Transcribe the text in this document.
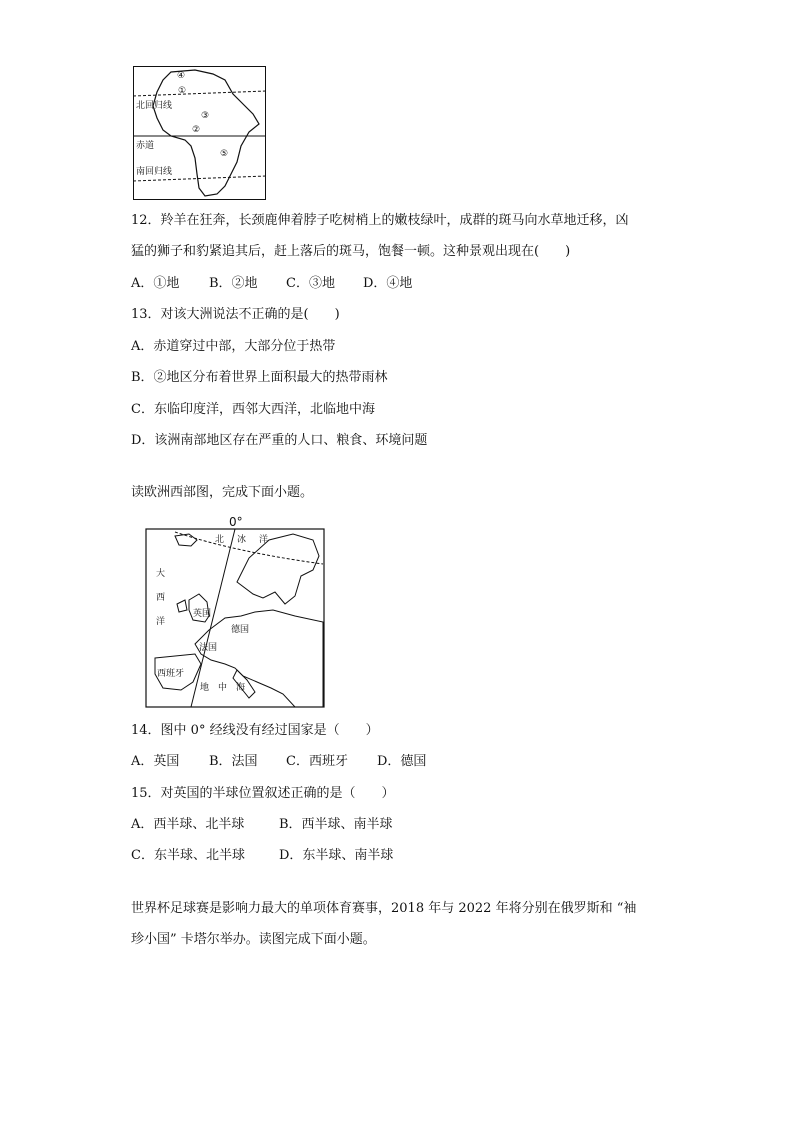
北回归线
赤道
南回归线
④
①
③
②
⑤
12．羚羊在狂奔，长颈鹿伸着脖子吃树梢上的嫩枝绿叶，成群的斑马向水草地迁移，凶
猛的狮子和豹紧追其后，赶上落后的斑马，饱餐一顿。这种景观出现在(　　)
A．①地 B．②地 C．③地 D．④地
13．对该大洲说法不正确的是(　　)
A．赤道穿过中部，大部分位于热带
B．②地区分布着世界上面积最大的热带雨林
C．东临印度洋，西邻大西洋，北临地中海
D．该洲南部地区存在严重的人口、粮食、环境问题
读欧洲西部图，完成下面小题。
0°
北 冰 洋
大
西
洋
英国
德国
法国
西班牙
地 中 海
14．图中 0° 经线没有经过国家是（　　）
A．英国 B．法国 C．西班牙 D．德国
15．对英国的半球位置叙述正确的是（　　）
A．西半球、北半球	B．西半球、南半球
C．东半球、北半球	D．东半球、南半球
世界杯足球赛是影响力最大的单项体育赛事，2018 年与 2022 年将分别在俄罗斯和 “袖
珍小国” 卡塔尔举办。读图完成下面小题。
